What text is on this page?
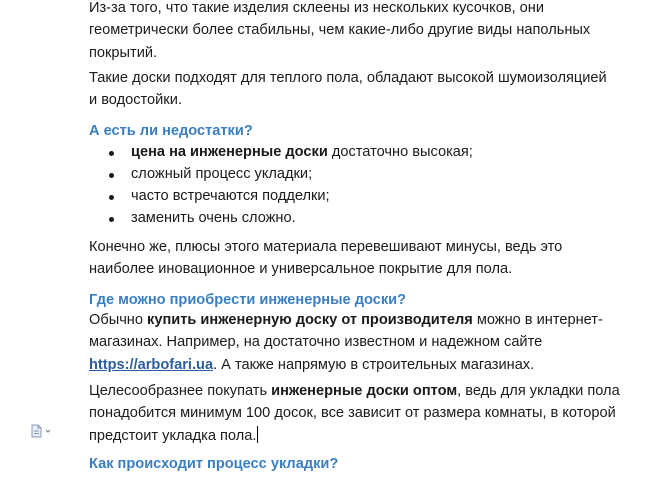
Из-за того, что такие изделия склеены из нескольких кусочков, они
геометрически более стабильны, чем какие-либо другие виды напольных
покрытий.

Такие доски подходят для теплого пола, обладают высокой шумоизоляцией
и водостойки.

А есть ли недостатки?
цена на инженерные доски достаточно высокая;
сложный процесс укладки;
часто встречаются подделки;
заменить очень сложно.

Конечно же, плюсы этого материала перевешивают минусы, ведь это
наиболее иновационное и универсальное покрытие для пола.

Где можно приобрести инженерные доски?

Обычно купить инженерную доску от производителя можно в интернет-
магазинах. Например, на достаточно известном и надежном сайте
https://arbofari.ua. А также напрямую в строительных магазинах.

Целесообразнее покупать инженерные доски оптом, ведь для укладки пола
понадобится минимум 100 досок, все зависит от размера комнаты, в которой
предстоит укладка пола.

Как происходит процесс укладки?
